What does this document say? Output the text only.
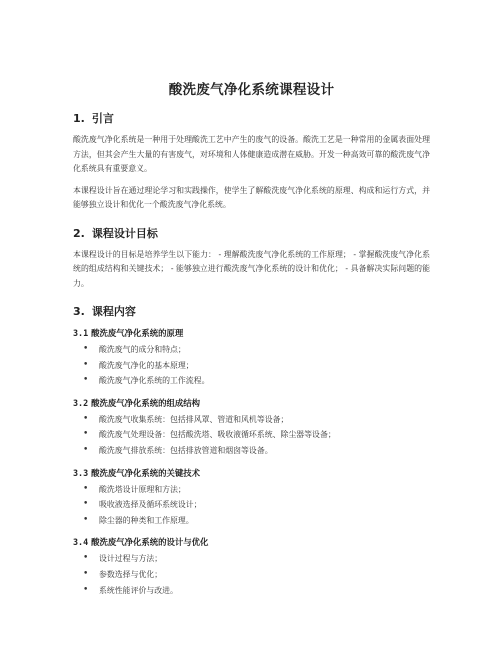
酸洗废气净化系统课程设计
1. 引言

酸洗废气净化系统是一种用于处理酸洗工艺中产生的废气的设备。酸洗工艺是一种常用的金属表面处理方法，但其会产生大量的有害废气，对环境和人体健康造成潜在威胁。开发一种高效可靠的酸洗废气净化系统具有重要意义。

本课程设计旨在通过理论学习和实践操作，使学生了解酸洗废气净化系统的原理、构成和运行方式，并能够独立设计和优化一个酸洗废气净化系统。

2. 课程设计目标

本课程设计的目标是培养学生以下能力： - 理解酸洗废气净化系统的工作原理； - 掌握酸洗废气净化系统的组成结构和关键技术； - 能够独立进行酸洗废气净化系统的设计和优化； - 具备解决实际问题的能力。

3. 课程内容
3.1 酸洗废气净化系统的原理
• 酸洗废气的成分和特点；
• 酸洗废气净化的基本原理；
• 酸洗废气净化系统的工作流程。
3.2 酸洗废气净化系统的组成结构
• 酸洗废气收集系统：包括排风罩、管道和风机等设备；
• 酸洗废气处理设备：包括酸洗塔、吸收液循环系统、除尘器等设备；
• 酸洗废气排放系统：包括排放管道和烟囱等设备。
3.3 酸洗废气净化系统的关键技术
• 酸洗塔设计原理和方法；
• 吸收液选择及循环系统设计；
• 除尘器的种类和工作原理。
3.4 酸洗废气净化系统的设计与优化
• 设计过程与方法；
• 参数选择与优化；
• 系统性能评价与改进。
